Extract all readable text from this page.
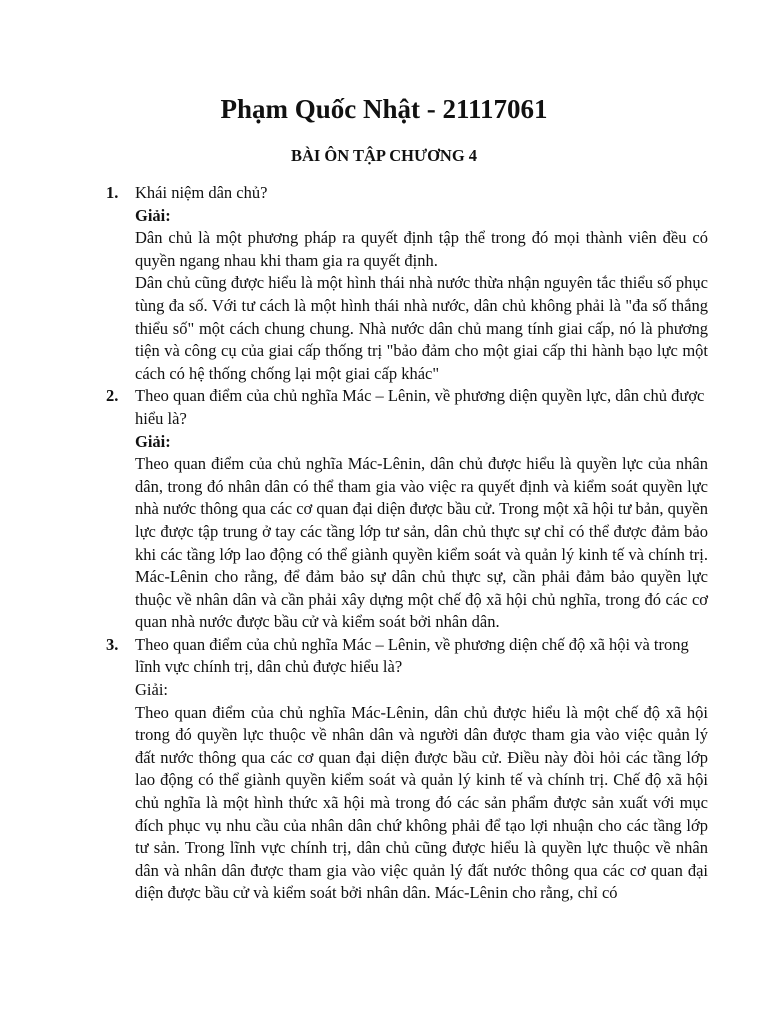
Phạm Quốc Nhật - 21117061
BÀI ÔN TẬP CHƯƠNG 4
1. Khái niệm dân chủ?

Giải:

Dân chủ là một phương pháp ra quyết định tập thể trong đó mọi thành viên đều có quyền ngang nhau khi tham gia ra quyết định.

Dân chủ cũng được hiểu là một hình thái nhà nước thừa nhận nguyên tắc thiểu số phục tùng đa số. Với tư cách là một hình thái nhà nước, dân chủ không phải là "đa số thắng thiểu số" một cách chung chung. Nhà nước dân chủ mang tính giai cấp, nó là phương tiện và công cụ của giai cấp thống trị "bảo đảm cho một giai cấp thi hành bạo lực một cách có hệ thống chống lại một giai cấp khác"

2. Theo quan điểm của chủ nghĩa Mác – Lênin, về phương diện quyền lực, dân chủ được hiểu là?

Giải:

Theo quan điểm của chủ nghĩa Mác-Lênin, dân chủ được hiểu là quyền lực của nhân dân, trong đó nhân dân có thể tham gia vào việc ra quyết định và kiểm soát quyền lực nhà nước thông qua các cơ quan đại diện được bầu cử. Trong một xã hội tư bản, quyền lực được tập trung ở tay các tầng lớp tư sản, dân chủ thực sự chỉ có thể được đảm bảo khi các tầng lớp lao động có thể giành quyền kiểm soát và quản lý kinh tế và chính trị. Mác-Lênin cho rằng, để đảm bảo sự dân chủ thực sự, cần phải đảm bảo quyền lực thuộc về nhân dân và cần phải xây dựng một chế độ xã hội chủ nghĩa, trong đó các cơ quan nhà nước được bầu cử và kiểm soát bởi nhân dân.

3. Theo quan điểm của chủ nghĩa Mác – Lênin, về phương diện chế độ xã hội và trong lĩnh vực chính trị, dân chủ được hiểu là?

Giải:

Theo quan điểm của chủ nghĩa Mác-Lênin, dân chủ được hiểu là một chế độ xã hội trong đó quyền lực thuộc về nhân dân và người dân được tham gia vào việc quản lý đất nước thông qua các cơ quan đại diện được bầu cử. Điều này đòi hỏi các tầng lớp lao động có thể giành quyền kiểm soát và quản lý kinh tế và chính trị. Chế độ xã hội chủ nghĩa là một hình thức xã hội mà trong đó các sản phẩm được sản xuất với mục đích phục vụ nhu cầu của nhân dân chứ không phải để tạo lợi nhuận cho các tầng lớp tư sản. Trong lĩnh vực chính trị, dân chủ cũng được hiểu là quyền lực thuộc về nhân dân và nhân dân được tham gia vào việc quản lý đất nước thông qua các cơ quan đại diện được bầu cử và kiểm soát bởi nhân dân. Mác-Lênin cho rằng, chỉ có
